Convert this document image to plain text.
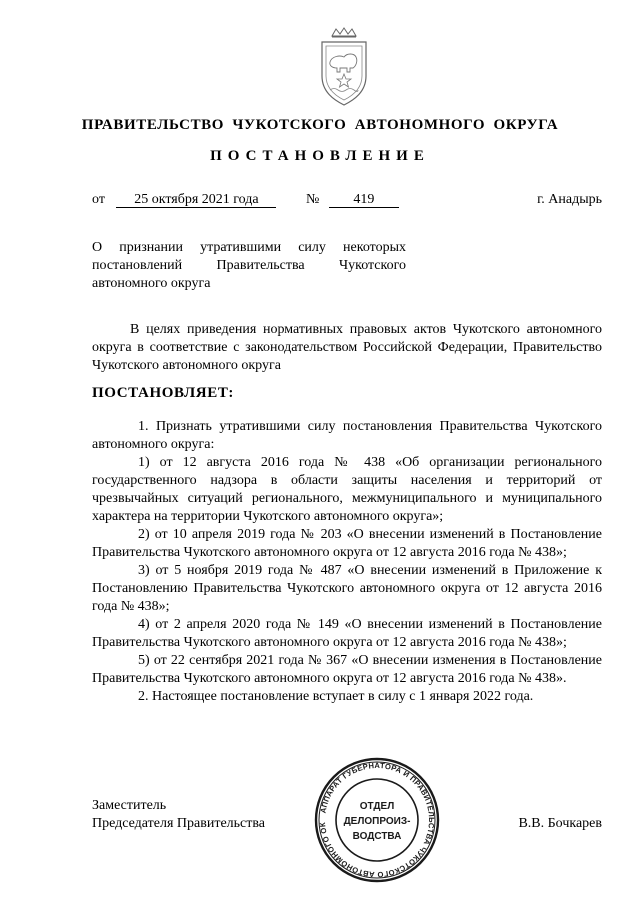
ПРАВИТЕЛЬСТВО ЧУКОТСКОГО АВТОНОМНОГО ОКРУГА
ПОСТАНОВЛЕНИЕ
от 25 октября 2021 года	№ 419	г. Анадырь
О признании утратившими силу некоторых
постановлений Правительства Чукотского
автономного округа
В целях приведения нормативных правовых актов Чукотского автономного округа в соответствие с законодательством Российской Федерации, Правительство Чукотского автономного округа
ПОСТАНОВЛЯЕТ:

1. Признать утратившими силу постановления Правительства Чукотского автономного округа:

1) от 12 августа 2016 года № 438 «Об организации регионального государственного надзора в области защиты населения и территорий от чрезвычайных ситуаций регионального, межмуниципального и муниципального характера на территории Чукотского автономного округа»;

2) от 10 апреля 2019 года № 203 «О внесении изменений в Постановление Правительства Чукотского автономного округа от 12 августа 2016 года № 438»;

3) от 5 ноября 2019 года № 487 «О внесении изменений в Приложение к Постановлению Правительства Чукотского автономного округа от 12 августа 2016 года № 438»;

4) от 2 апреля 2020 года № 149 «О внесении изменений в Постановление Правительства Чукотского автономного округа от 12 августа 2016 года № 438»;

5) от 22 сентября 2021 года № 367 «О внесении изменения в Постановление Правительства Чукотского автономного округа от 12 августа 2016 года № 438».

2. Настоящее постановление вступает в силу с 1 января 2022 года.

Заместитель
Председателя Правительства	В.В. Бочкарев
АППАРАТ ГУБЕРНАТОРА И ПРАВИТЕЛЬСТВА ЧУКОТСКОГО АВТОНОМНОГО ОК
ОТДЕЛ
ДЕЛОПРОИЗ-
ВОДСТВА
